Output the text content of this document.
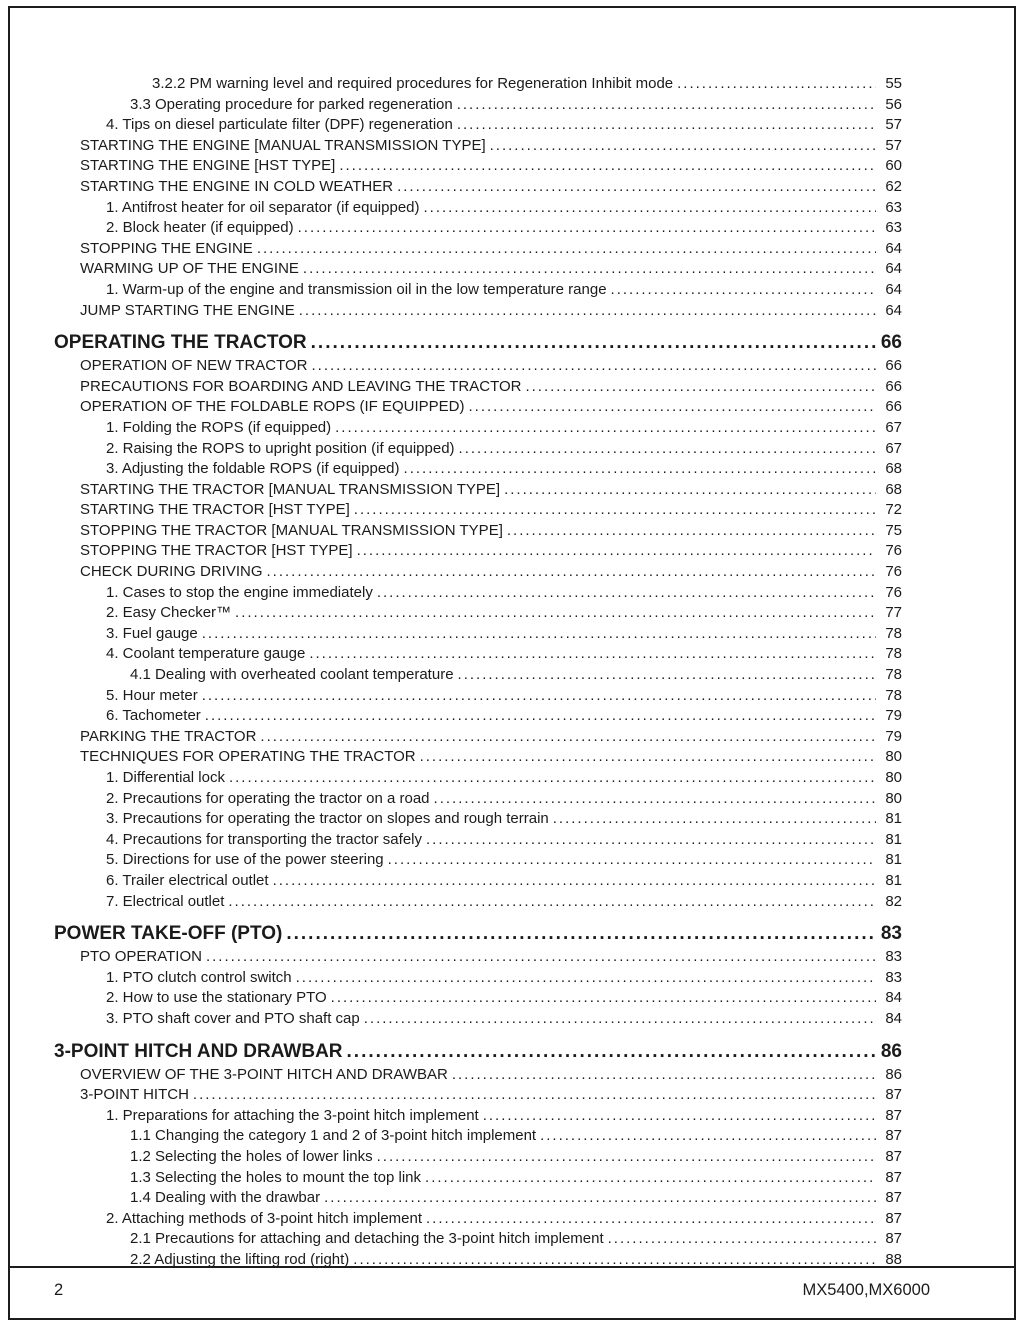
3.2.2 PM warning level and required procedures for Regeneration Inhibit mode .....	55
3.3 Operating procedure for parked regeneration .....	56
4. Tips on diesel particulate filter (DPF) regeneration .....	57
STARTING THE ENGINE [MANUAL TRANSMISSION TYPE] .....	57
STARTING THE ENGINE [HST TYPE] .....	60
STARTING THE ENGINE IN COLD WEATHER .....	62
1. Antifrost heater for oil separator (if equipped) .....	63
2. Block heater (if equipped) .....	63
STOPPING THE ENGINE .....	64
WARMING UP OF THE ENGINE .....	64
1. Warm-up of the engine and transmission oil in the low temperature range .....	64
JUMP STARTING THE ENGINE .....	64
OPERATING THE TRACTOR .....	66
OPERATION OF NEW TRACTOR .....	66
PRECAUTIONS FOR BOARDING AND LEAVING THE TRACTOR .....	66
OPERATION OF THE FOLDABLE ROPS (IF EQUIPPED) .....	66
1. Folding the ROPS (if equipped) .....	67
2. Raising the ROPS to upright position (if equipped) .....	67
3. Adjusting the foldable ROPS (if equipped) .....	68
STARTING THE TRACTOR [MANUAL TRANSMISSION TYPE] .....	68
STARTING THE TRACTOR [HST TYPE] .....	72
STOPPING THE TRACTOR [MANUAL TRANSMISSION TYPE] .....	75
STOPPING THE TRACTOR [HST TYPE] .....	76
CHECK DURING DRIVING .....	76
1. Cases to stop the engine immediately .....	76
2. Easy Checker™ .....	77
3. Fuel gauge .....	78
4. Coolant temperature gauge .....	78
4.1 Dealing with overheated coolant temperature .....	78
5. Hour meter .....	78
6. Tachometer .....	79
PARKING THE TRACTOR .....	79
TECHNIQUES FOR OPERATING THE TRACTOR .....	80
1. Differential lock .....	80
2. Precautions for operating the tractor on a road .....	80
3. Precautions for operating the tractor on slopes and rough terrain .....	81
4. Precautions for transporting the tractor safely .....	81
5. Directions for use of the power steering .....	81
6. Trailer electrical outlet .....	81
7. Electrical outlet .....	82
POWER TAKE-OFF (PTO) .....	83
PTO OPERATION .....	83
1. PTO clutch control switch .....	83
2. How to use the stationary PTO .....	84
3. PTO shaft cover and PTO shaft cap .....	84
3-POINT HITCH AND DRAWBAR .....	86
OVERVIEW OF THE 3-POINT HITCH AND DRAWBAR .....	86
3-POINT HITCH .....	87
1. Preparations for attaching the 3-point hitch implement .....	87
1.1 Changing the category 1 and 2 of 3-point hitch implement .....	87
1.2 Selecting the holes of lower links .....	87
1.3 Selecting the holes to mount the top link .....	87
1.4 Dealing with the drawbar .....	87
2. Attaching methods of 3-point hitch implement .....	87
2.1 Precautions for attaching and detaching the 3-point hitch implement .....	87
2.2 Adjusting the lifting rod (right) .....	88
2	MX5400,MX6000
